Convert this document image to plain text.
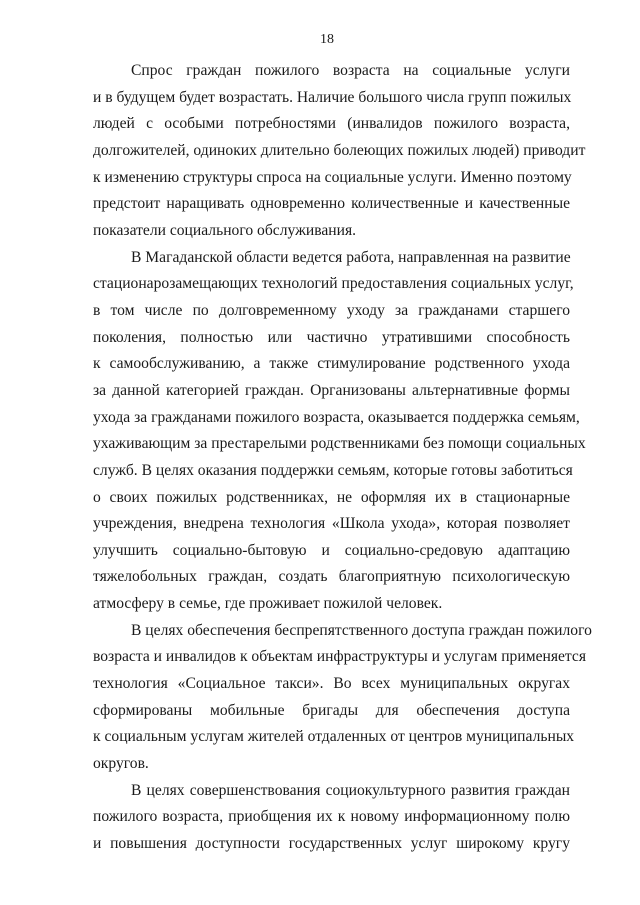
18
Спрос граждан пожилого возраста на социальные услуги
и в будущем будет возрастать. Наличие большого числа групп пожилых
людей с особыми потребностями (инвалидов пожилого возраста,
долгожителей, одиноких длительно болеющих пожилых людей) приводит
к изменению структуры спроса на социальные услуги. Именно поэтому
предстоит наращивать одновременно количественные и качественные
показатели социального обслуживания.
В Магаданской области ведется работа, направленная на развитие
стационарозамещающих технологий предоставления социальных услуг,
в том числе по долговременному уходу за гражданами старшего
поколения, полностью или частично утратившими способность
к самообслуживанию, а также стимулирование родственного ухода
за данной категорией граждан. Организованы альтернативные формы
ухода за гражданами пожилого возраста, оказывается поддержка семьям,
ухаживающим за престарелыми родственниками без помощи социальных
служб. В целях оказания поддержки семьям, которые готовы заботиться
о своих пожилых родственниках, не оформляя их в стационарные
учреждения, внедрена технология «Школа ухода», которая позволяет
улучшить социально-бытовую и социально-средовую адаптацию
тяжелобольных граждан, создать благоприятную психологическую
атмосферу в семье, где проживает пожилой человек.
В целях обеспечения беспрепятственного доступа граждан пожилого
возраста и инвалидов к объектам инфраструктуры и услугам применяется
технология «Социальное такси». Во всех муниципальных округах
сформированы мобильные бригады для обеспечения доступа
к социальным услугам жителей отдаленных от центров муниципальных
округов.
В целях совершенствования социокультурного развития граждан
пожилого возраста, приобщения их к новому информационному полю
и повышения доступности государственных услуг широкому кругу
